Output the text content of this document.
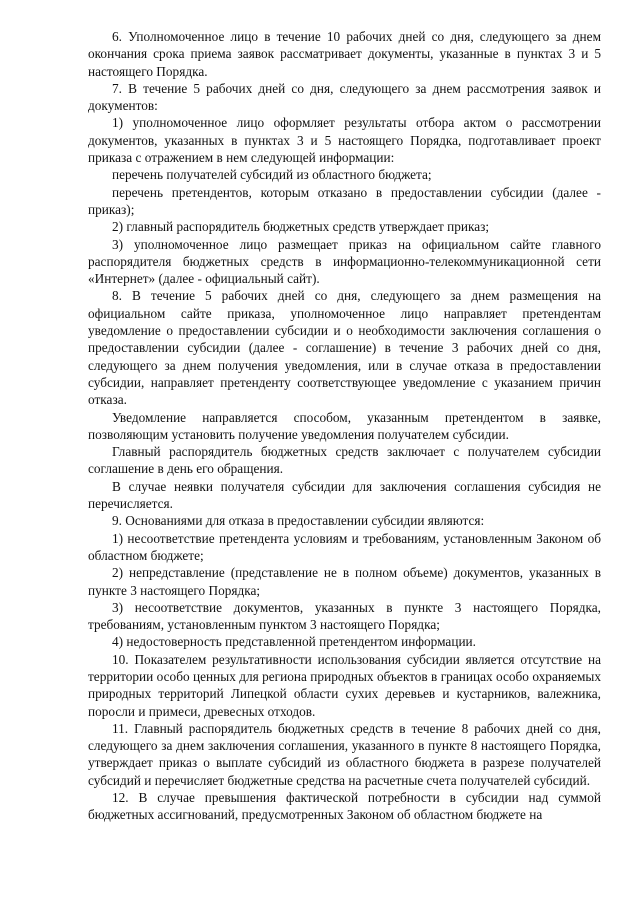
6. Уполномоченное лицо в течение 10 рабочих дней со дня, следующего за днем окончания срока приема заявок рассматривает документы, указанные в пунктах 3 и 5 настоящего Порядка.

7. В течение 5 рабочих дней со дня, следующего за днем рассмотрения заявок и документов:

1) уполномоченное лицо оформляет результаты отбора актом о рассмотрении документов, указанных в пунктах 3 и 5 настоящего Порядка, подготавливает проект приказа с отражением в нем следующей информации:

перечень получателей субсидий из областного бюджета;

перечень претендентов, которым отказано в предоставлении субсидии (далее - приказ);

2) главный распорядитель бюджетных средств утверждает приказ;

3) уполномоченное лицо размещает приказ на официальном сайте главного распорядителя бюджетных средств в информационно-телекоммуникационной сети «Интернет» (далее - официальный сайт).

8. В течение 5 рабочих дней со дня, следующего за днем размещения на официальном сайте приказа, уполномоченное лицо направляет претендентам уведомление о предоставлении субсидии и о необходимости заключения соглашения о предоставлении субсидии (далее - соглашение) в течение 3 рабочих дней со дня, следующего за днем получения уведомления, или в случае отказа в предоставлении субсидии, направляет претенденту соответствующее уведомление с указанием причин отказа.

Уведомление направляется способом, указанным претендентом в заявке, позволяющим установить получение уведомления получателем субсидии.

Главный распорядитель бюджетных средств заключает с получателем субсидии соглашение в день его обращения.

В случае неявки получателя субсидии для заключения соглашения субсидия не перечисляется.

9. Основаниями для отказа в предоставлении субсидии являются:

1) несоответствие претендента условиям и требованиям, установленным Законом об областном бюджете;

2) непредставление (представление не в полном объеме) документов, указанных в пункте 3 настоящего Порядка;

3) несоответствие документов, указанных в пункте 3 настоящего Порядка, требованиям, установленным пунктом 3 настоящего Порядка;

4) недостоверность представленной претендентом информации.

10. Показателем результативности использования субсидии является отсутствие на территории особо ценных для региона природных объектов в границах особо охраняемых природных территорий Липецкой области сухих деревьев и кустарников, валежника, поросли и примеси, древесных отходов.

11. Главный распорядитель бюджетных средств в течение 8 рабочих дней со дня, следующего за днем заключения соглашения, указанного в пункте 8 настоящего Порядка, утверждает приказ о выплате субсидий из областного бюджета в разрезе получателей субсидий и перечисляет бюджетные средства на расчетные счета получателей субсидий.

12. В случае превышения фактической потребности в субсидии над суммой бюджетных ассигнований, предусмотренных Законом об областном бюджете на
